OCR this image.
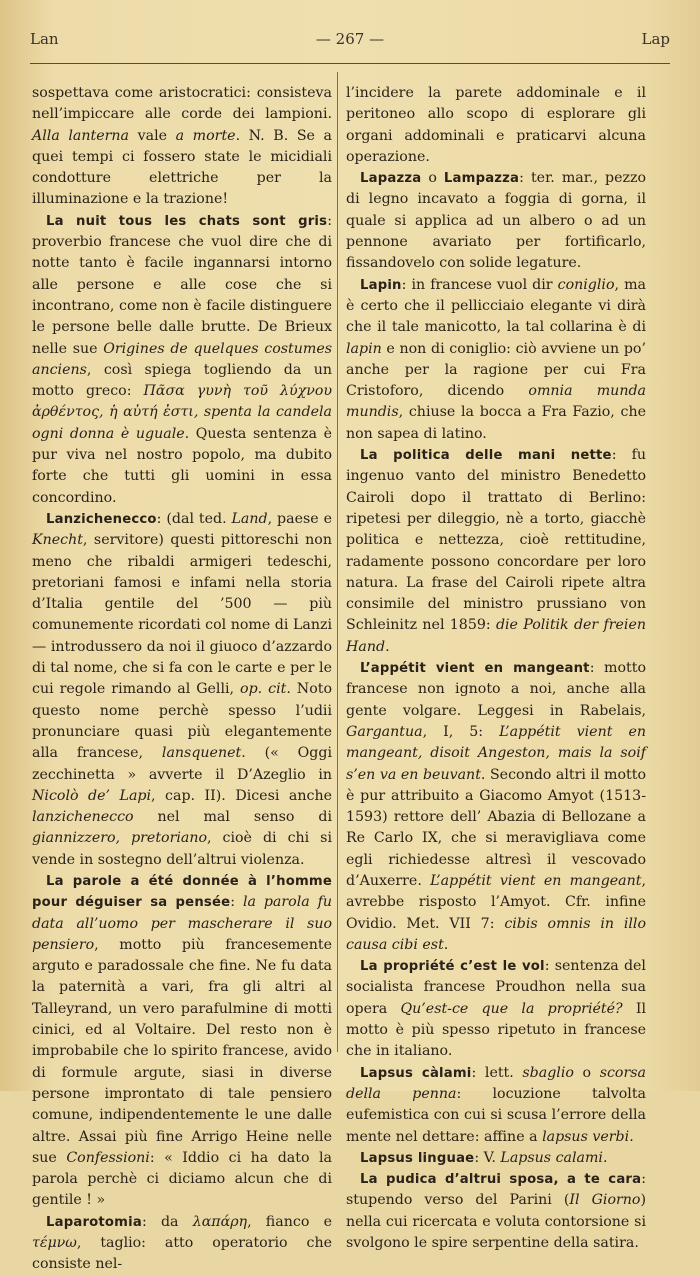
Lan	— 267 —	Lap

sospettava come aristocratici: consisteva nell’impiccare alle corde dei lampioni. Alla lanterna vale a morte. N. B. Se a quei tempi ci fossero state le micidiali condotture elettriche per la illuminazione e la trazione!

La nuit tous les chats sont gris: proverbio francese che vuol dire che di notte tanto è facile ingannarsi intorno alle persone e alle cose che si incontrano, come non è facile distinguere le persone belle dalle brutte. De Brieux nelle sue Origines de quelques costumes anciens, così spiega togliendo da un motto greco: Πᾶσα γυνὴ τοῦ λύχνου ἀρθέντος, ἡ αὐτή ἐστι, spenta la candela ogni donna è uguale. Questa sentenza è pur viva nel nostro popolo, ma dubito forte che tutti gli uomini in essa concordino.

Lanzichenecco: (dal ted. Land, paese e Knecht, servitore) questi pittoreschi non meno che ribaldi armigeri tedeschi, pretoriani famosi e infami nella storia d’Italia gentile del ’500 — più comunemente ricordati col nome di Lanzi — introdussero da noi il giuoco d’azzardo di tal nome, che si fa con le carte e per le cui regole rimando al Gelli, op. cit. Noto questo nome perchè spesso l’udii pronunciare quasi più elegantemente alla francese, lansquenet. (« Oggi zecchinetta » avverte il D’Azeglio in Nicolò de’ Lapi, cap. II). Dicesi anche lanzichenecco nel mal senso di giannizzero, pretoriano, cioè di chi si vende in sostegno dell’altrui violenza.

La parole a été donnée à l’homme pour déguiser sa pensée: la parola fu data all’uomo per mascherare il suo pensiero, motto più francesemente arguto e paradossale che fine. Ne fu data la paternità a vari, fra gli altri al Talleyrand, un vero parafulmine di motti cinici, ed al Voltaire. Del resto non è improbabile che lo spirito francese, avido di formule argute, siasi in diverse persone improntato di tale pensiero comune, indipendentemente le une dalle altre. Assai più fine Arrigo Heine nelle sue Confessioni: « Iddio ci ha dato la parola perchè ci diciamo alcun che di gentile ! »

Laparotomia: da λαπάρη, fianco e τέμνω, taglio: atto operatorio che consiste nel-

l’incidere la parete addominale e il peritoneo allo scopo di esplorare gli organi addominali e praticarvi alcuna operazione.

Lapazza o Lampazza: ter. mar., pezzo di legno incavato a foggia di gorna, il quale si applica ad un albero o ad un pennone avariato per fortificarlo, fissandovelo con solide legature.

Lapin: in francese vuol dir coniglio, ma è certo che il pellicciaio elegante vi dirà che il tale manicotto, la tal collarina è di lapin e non di coniglio: ciò avviene un po’ anche per la ragione per cui Fra Cristoforo, dicendo omnia munda mundis, chiuse la bocca a Fra Fazio, che non sapea di latino.

La politica delle mani nette: fu ingenuo vanto del ministro Benedetto Cairoli dopo il trattato di Berlino: ripetesi per dileggio, nè a torto, giacchè politica e nettezza, cioè rettitudine, radamente possono concordare per loro natura. La frase del Cairoli ripete altra consimile del ministro prussiano von Schleinitz nel 1859: die Politik der freien Hand.

L’appétit vient en mangeant: motto francese non ignoto a noi, anche alla gente volgare. Leggesi in Rabelais, Gargantua, I, 5: L’appétit vient en mangeant, disoit Angeston, mais la soif s’en va en beuvant. Secondo altri il motto è pur attribuito a Giacomo Amyot (1513-1593) rettore dell’ Abazia di Bellozane a Re Carlo IX, che si meravigliava come egli richiedesse altresì il vescovado d’Auxerre. L’appétit vient en mangeant, avrebbe risposto l’Amyot. Cfr. infine Ovidio. Met. VII 7: cibis omnis in illo causa cibi est.

La propriété c’est le vol: sentenza del socialista francese Proudhon nella sua opera Qu’est-ce que la propriété? Il motto è più spesso ripetuto in francese che in italiano.

Lapsus càlami: lett. sbaglio o scorsa della penna: locuzione talvolta eufemistica con cui si scusa l’errore della mente nel dettare: affine a lapsus verbi.

Lapsus linguae: V. Lapsus calami.

La pudica d’altrui sposa, a te cara: stupendo verso del Parini (Il Giorno) nella cui ricercata e voluta contorsione si svolgono le spire serpentine della satira.
